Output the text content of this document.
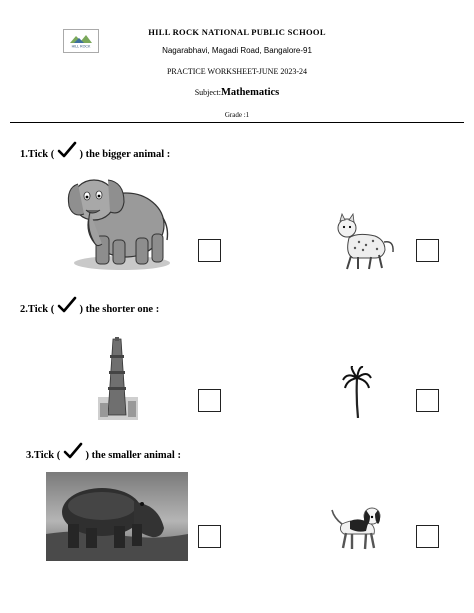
HILL ROCK
HILL ROCK NATIONAL PUBLIC SCHOOL
Nagarabhavi, Magadi Road, Bangalore-91
PRACTICE WORKSHEET-JUNE 2023-24
Subject:Mathematics
Grade :1
1.Tick ( ) the bigger animal :
2.Tick ( ) the shorter one :
3.Tick ( ) the smaller animal :
